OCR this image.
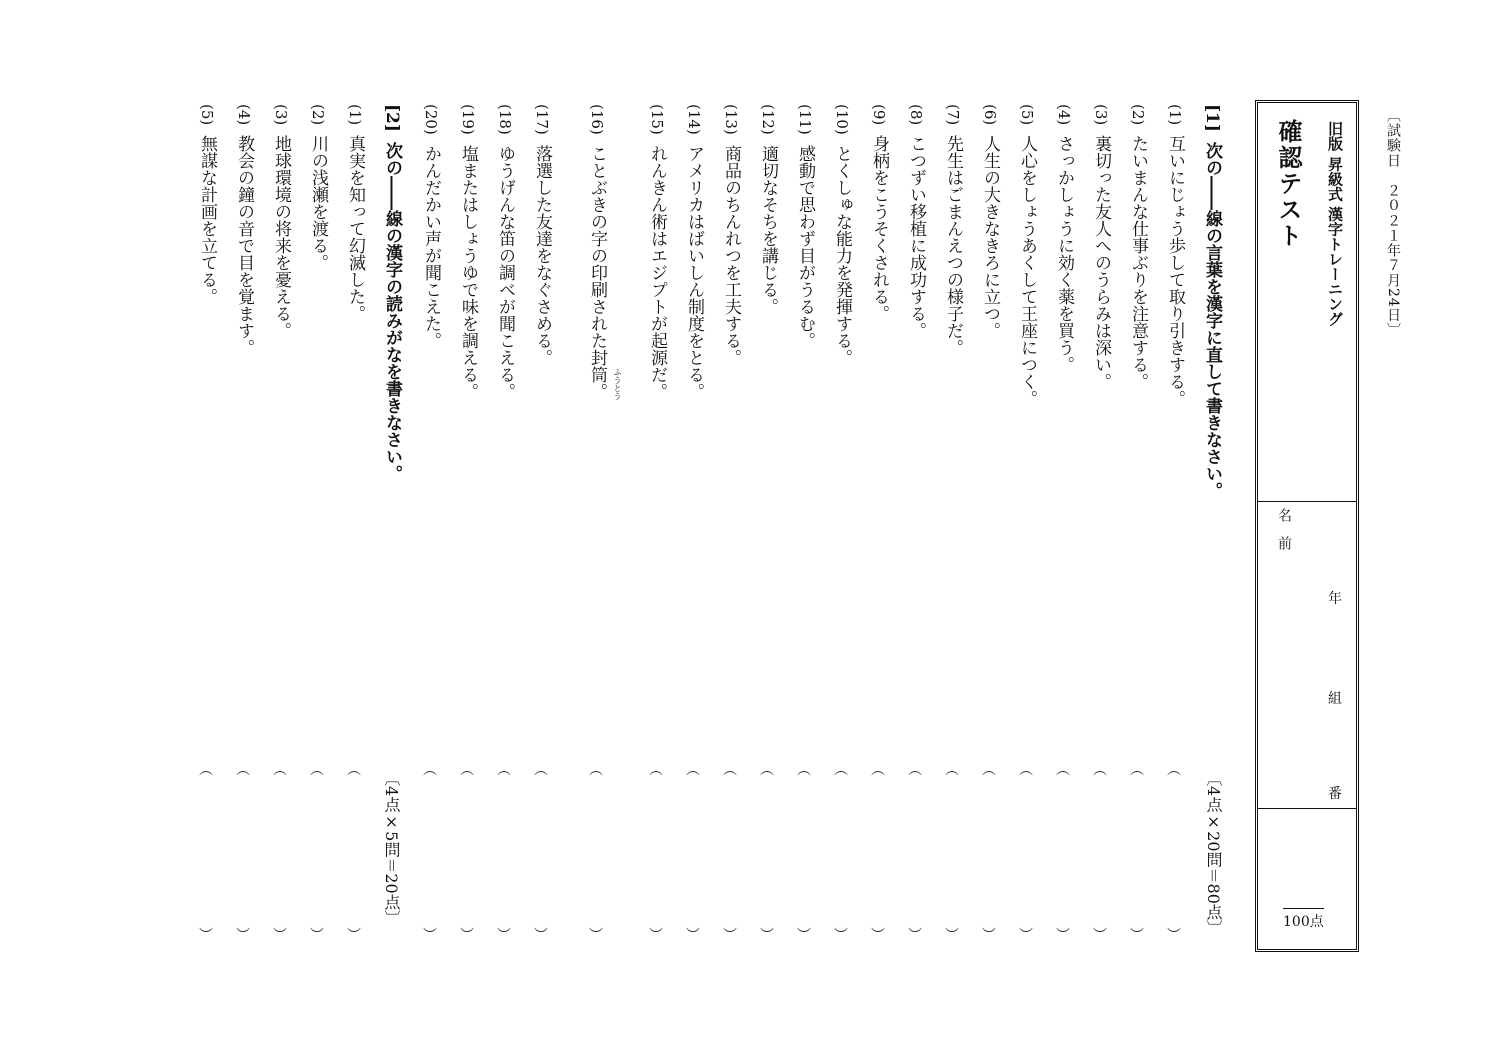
〔試験日　２０２１年７月24日〕
旧版 昇級式 漢字トレーニング
確認テスト
名　前
年
組
番
100点
[1]次の――線の言葉を漢字に直して書きなさい。
〔4点×20問＝80点〕
(1)互いにじょう歩して取り引きする。
(2)たいまんな仕事ぶりを注意する。
(3)裏切った友人へのうらみは深い。
(4)さっかしょうに効く薬を買う。
(5)人心をしょうあくして王座につく。
(6)人生の大きなきろに立つ。
(7)先生はごまんえつの様子だ。
(8)こつずい移植に成功する。
(9)身柄をこうそくされる。
(10)とくしゅな能力を発揮する。
(11)感動で思わず目がうるむ。
(12)適切なそちを講じる。
(13)商品のちんれつを工夫する。
(14)アメリカはばいしん制度をとる。
(15)れんきん術はエジプトが起源だ。
(16)ことぶきの字の印刷された封筒。 ふうとう
(17)落選した友達をなぐさめる。
(18)ゆうげんな笛の調べが聞こえる。
(19)塩またはしょうゆで味を調える。
(20)かんだかい声が聞こえた。
[2]次の――線の漢字の読みがなを書きなさい。
〔4点×5問＝20点〕
(1)真実を知って幻滅した。
(2)川の浅瀬を渡る。
(3)地球環境の将来を憂える。
(4)教会の鐘の音で目を覚ます。
(5)無謀な計画を立てる。
（　　　　　　　　　　）
（　　　　　　　　　　）
（　　　　　　　　　　）
（　　　　　　　　　　）
（　　　　　　　　　　）
（　　　　　　　　　　）
（　　　　　　　　　　）
（　　　　　　　　　　）
（　　　　　　　　　　）
（　　　　　　　　　　）
（　　　　　　　　　　）
（　　　　　　　　　　）
（　　　　　　　　　　）
（　　　　　　　　　　）
（　　　　　　　　　　）
（　　　　　　　　　　）
（　　　　　　　　　　）
（　　　　　　　　　　）
（　　　　　　　　　　）
（　　　　　　　　　　）
（　　　　　　　　　　）
（　　　　　　　　　　）
（　　　　　　　　　　）
（　　　　　　　　　　）
（　　　　　　　　　　）
